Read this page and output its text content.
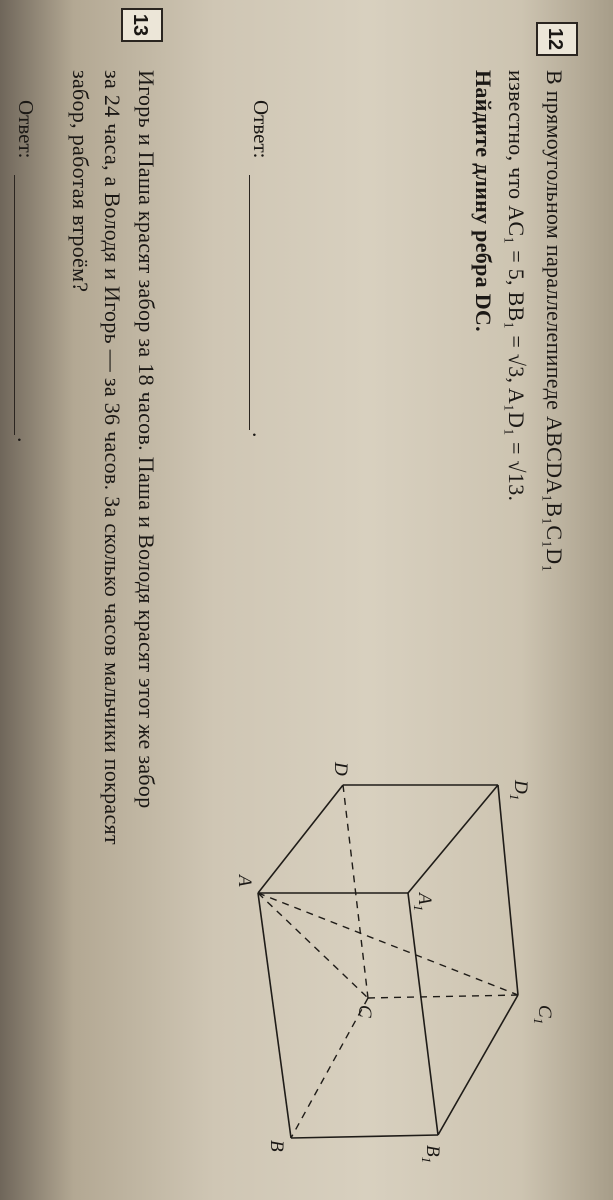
12
В прямоугольном параллелепипеде ABCDA₁B₁C₁D₁
известно, что AC₁ = 5, BB₁ = √3, A₁D₁ = √13.
Найдите длину ребра DC.
Ответ:
.
$D_1$
D
$A_1$
A
$C_1$
C
$B_1$
B
13
Игорь и Паша красят забор за 18 часов. Паша и Володя красят этот же забор
за 24 часа, а Володя и Игорь — за 36 часов. За сколько часов мальчики покрасят
забор, работая втроём?
Ответ:
.
